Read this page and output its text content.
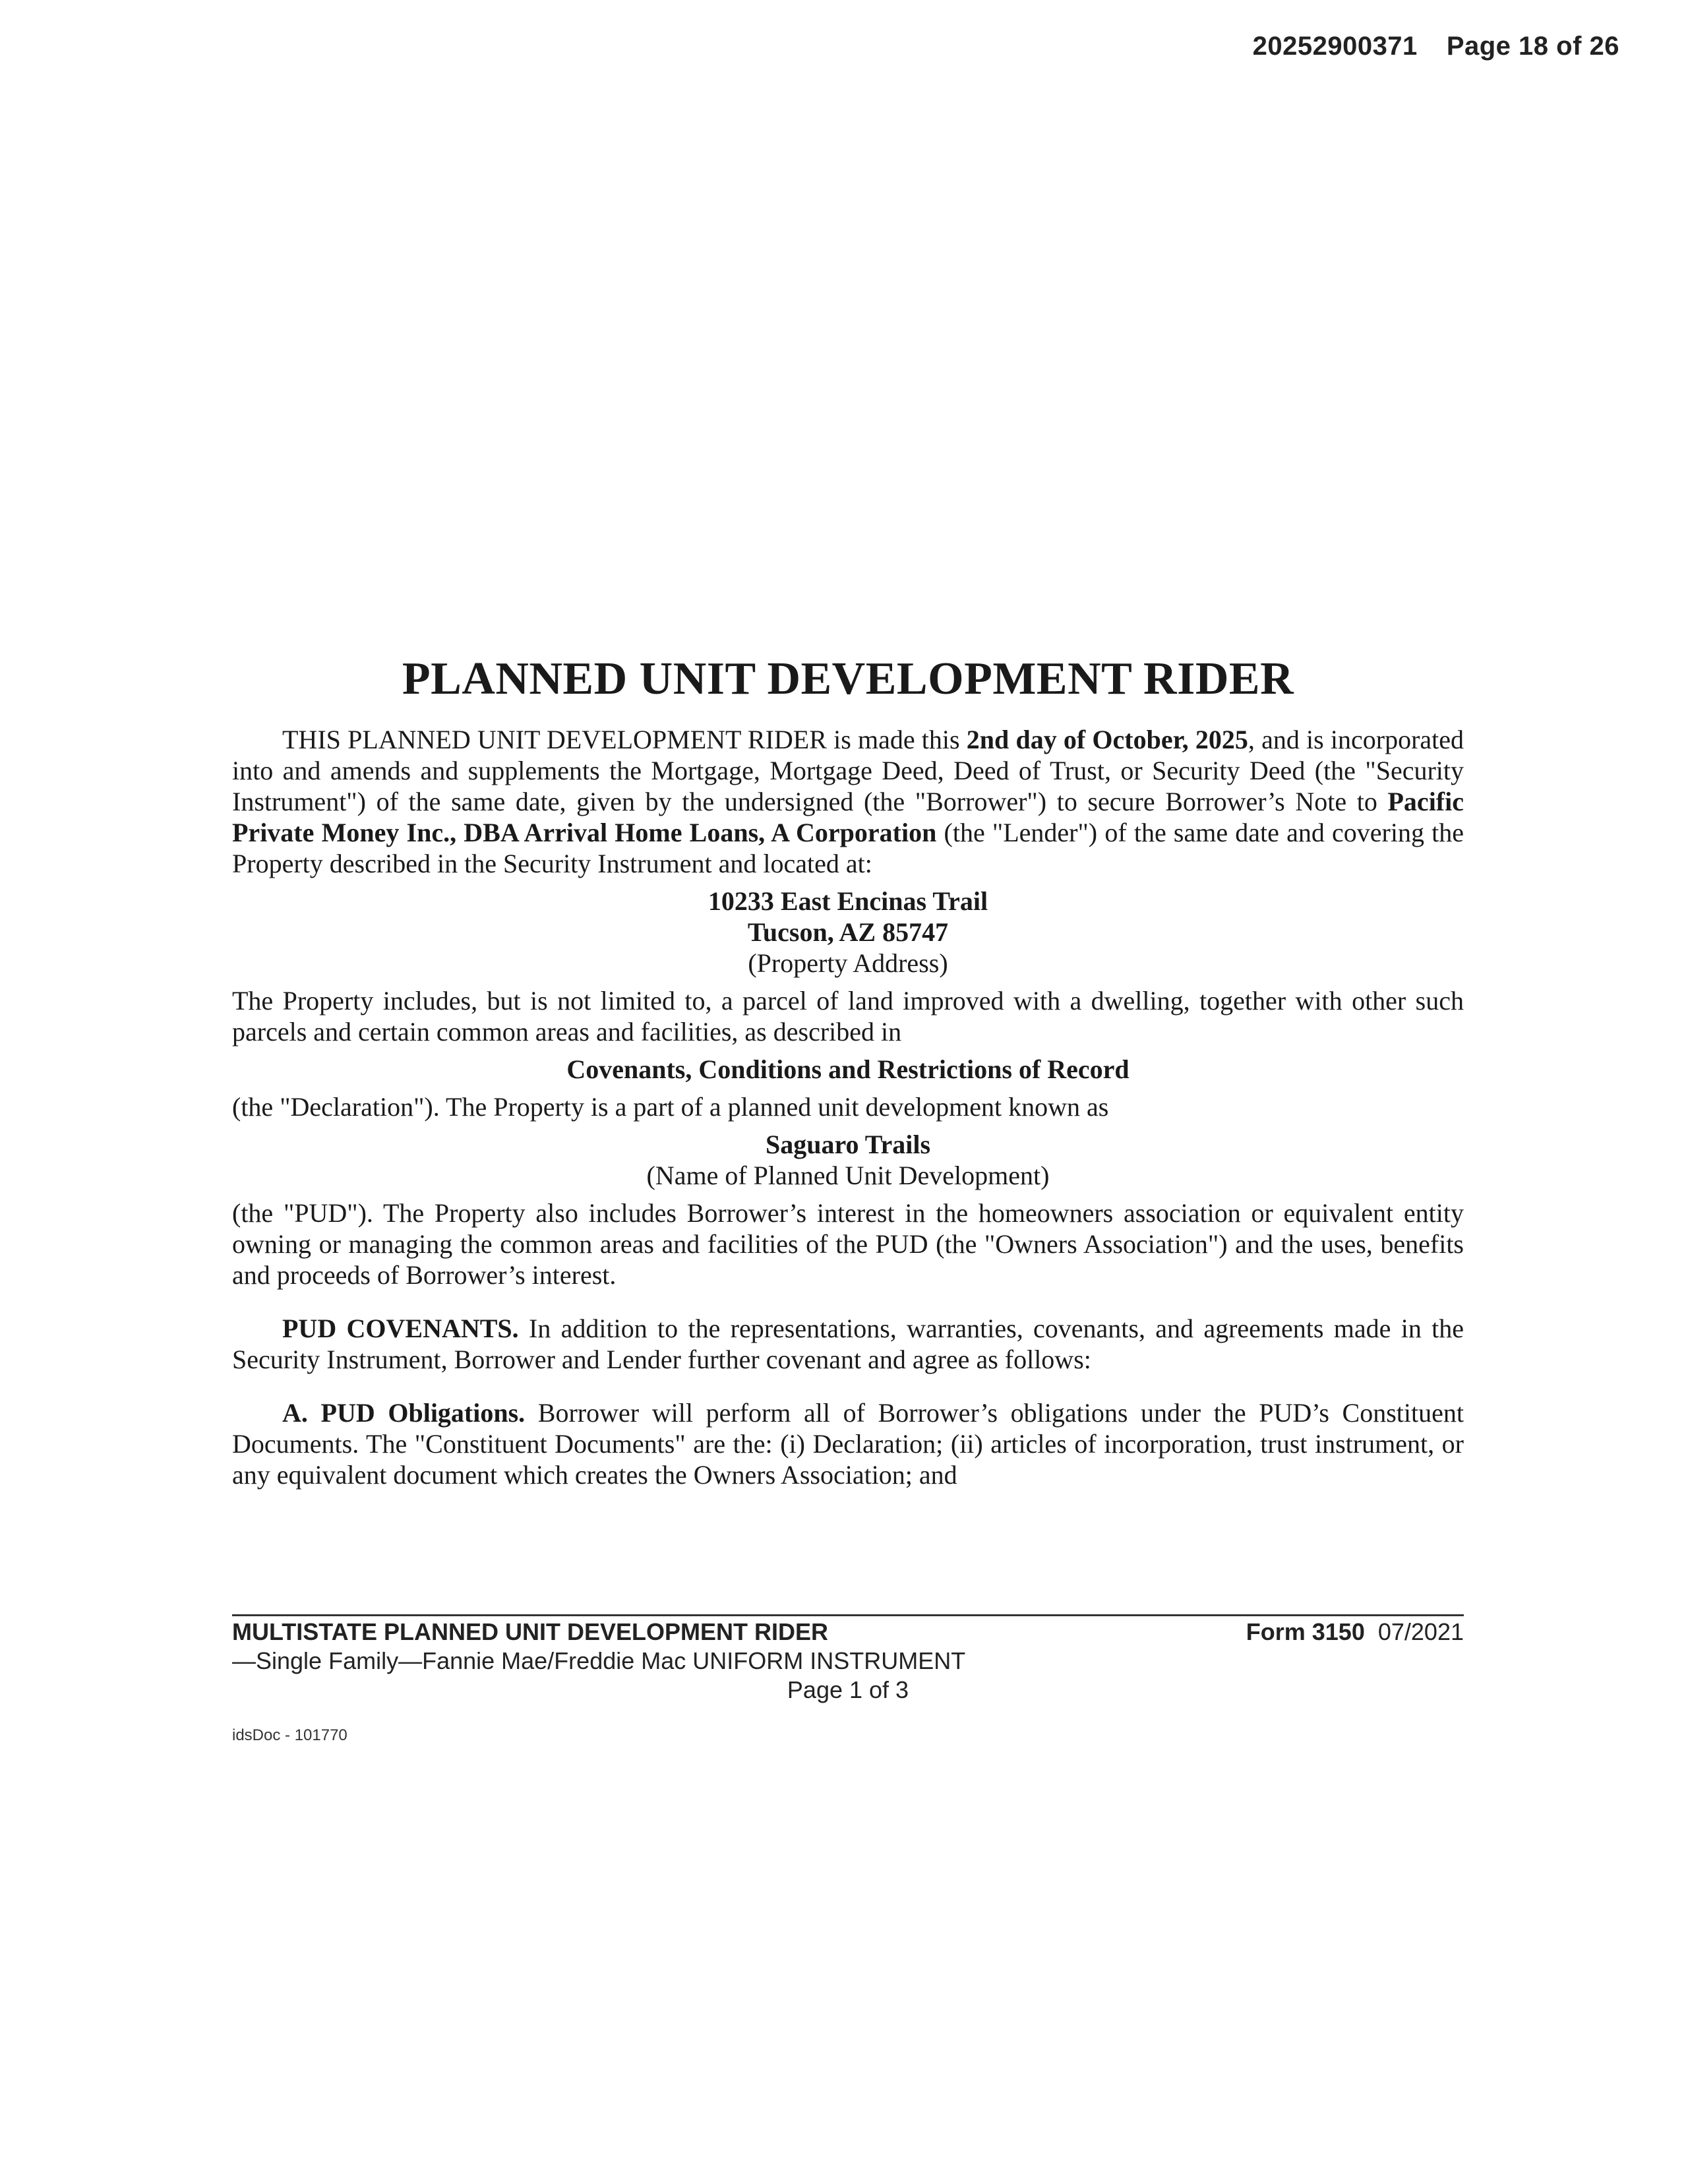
20252900371 Page 18 of 26
PLANNED UNIT DEVELOPMENT RIDER

THIS PLANNED UNIT DEVELOPMENT RIDER is made this 2nd day of October, 2025, and is incorporated into and amends and supplements the Mortgage, Mortgage Deed, Deed of Trust, or Security Deed (the "Security Instrument") of the same date, given by the undersigned (the "Borrower") to secure Borrower’s Note to Pacific Private Money Inc., DBA Arrival Home Loans, A Corporation (the "Lender") of the same date and covering the Property described in the Security Instrument and located at:

10233 East Encinas Trail
Tucson, AZ 85747
(Property Address)

The Property includes, but is not limited to, a parcel of land improved with a dwelling, together with other such parcels and certain common areas and facilities, as described in

Covenants, Conditions and Restrictions of Record

(the "Declaration"). The Property is a part of a planned unit development known as

Saguaro Trails
(Name of Planned Unit Development)

(the "PUD"). The Property also includes Borrower’s interest in the homeowners association or equivalent entity owning or managing the common areas and facilities of the PUD (the "Owners Association") and the uses, benefits and proceeds of Borrower’s interest.

PUD COVENANTS. In addition to the representations, warranties, covenants, and agreements made in the Security Instrument, Borrower and Lender further covenant and agree as follows:

A. PUD Obligations. Borrower will perform all of Borrower’s obligations under the PUD’s Constituent Documents. The "Constituent Documents" are the: (i) Declaration; (ii) articles of incorporation, trust instrument, or any equivalent document which creates the Owners Association; and

MULTISTATE PLANNED UNIT DEVELOPMENT RIDER	Form 3150 07/2021
—Single Family—Fannie Mae/Freddie Mac UNIFORM INSTRUMENT
Page 1 of 3
idsDoc - 101770
